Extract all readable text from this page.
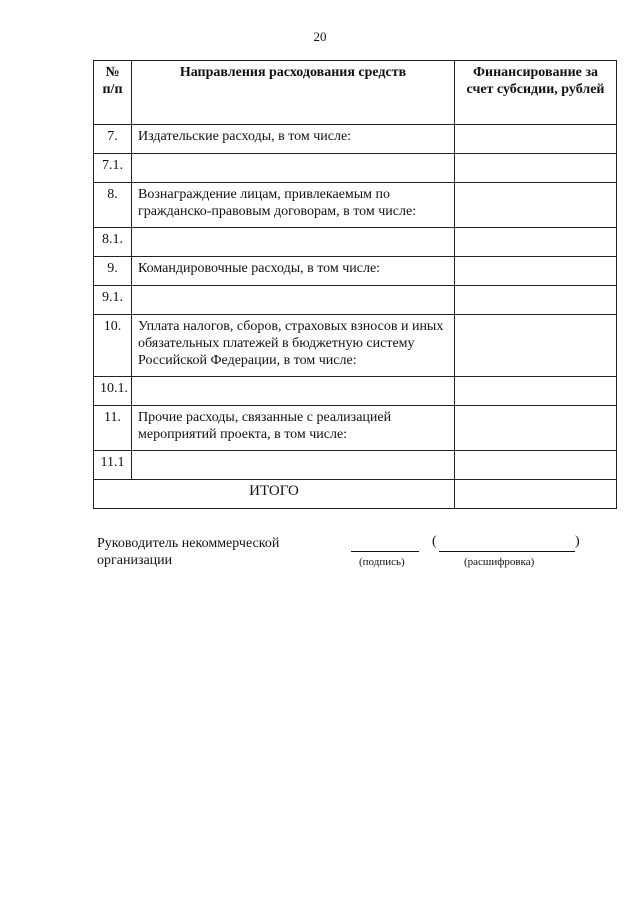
20
№ п/п	Направления расходования средств	Финансирование за счет субсидии, рублей
7.	Издательские расходы, в том числе:	
7.1.		
8.	Вознаграждение лицам, привлекаемым по гражданско-правовым договорам, в том числе:	
8.1.		
9.	Командировочные расходы, в том числе:	
9.1.		
10.	Уплата налогов, сборов, страховых взносов и иных обязательных платежей в бюджетную систему Российской Федерации, в том числе:	
10.1.		
11.	Прочие расходы, связанные с реализацией мероприятий проекта, в том числе:	
11.1		
ИТОГО		
Руководитель некоммерческой организации
(	)
(подпись)	(расшифровка)
